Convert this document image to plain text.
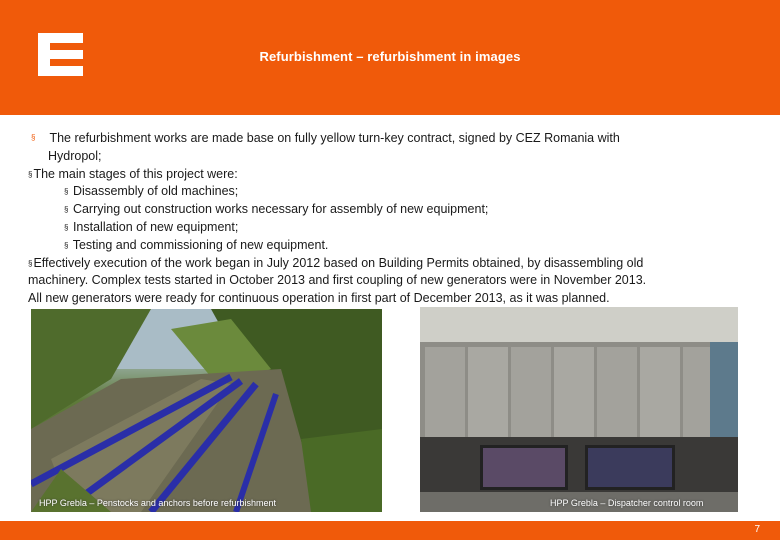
Refurbishment – refurbishment in images
§ The refurbishment works are made base on fully yellow turn-key contract, signed by CEZ Romania with
Hydropol;
§The main stages of this project were:
§ Disassembly of old machines;
§ Carrying out construction works necessary for assembly of new equipment;
§ Installation of new equipment;
§ Testing and commissioning of new equipment.
§Effectively execution of the work began in July 2012 based on Building Permits obtained, by disassembling old
machinery. Complex tests started in October 2013 and first coupling of new generators were in November 2013.
All new generators were ready for continuous operation in first part of December 2013, as it was planned.
HPP Grebla – Penstocks and anchors before refurbishment	HPP Grebla – Dispatcher control room
7
